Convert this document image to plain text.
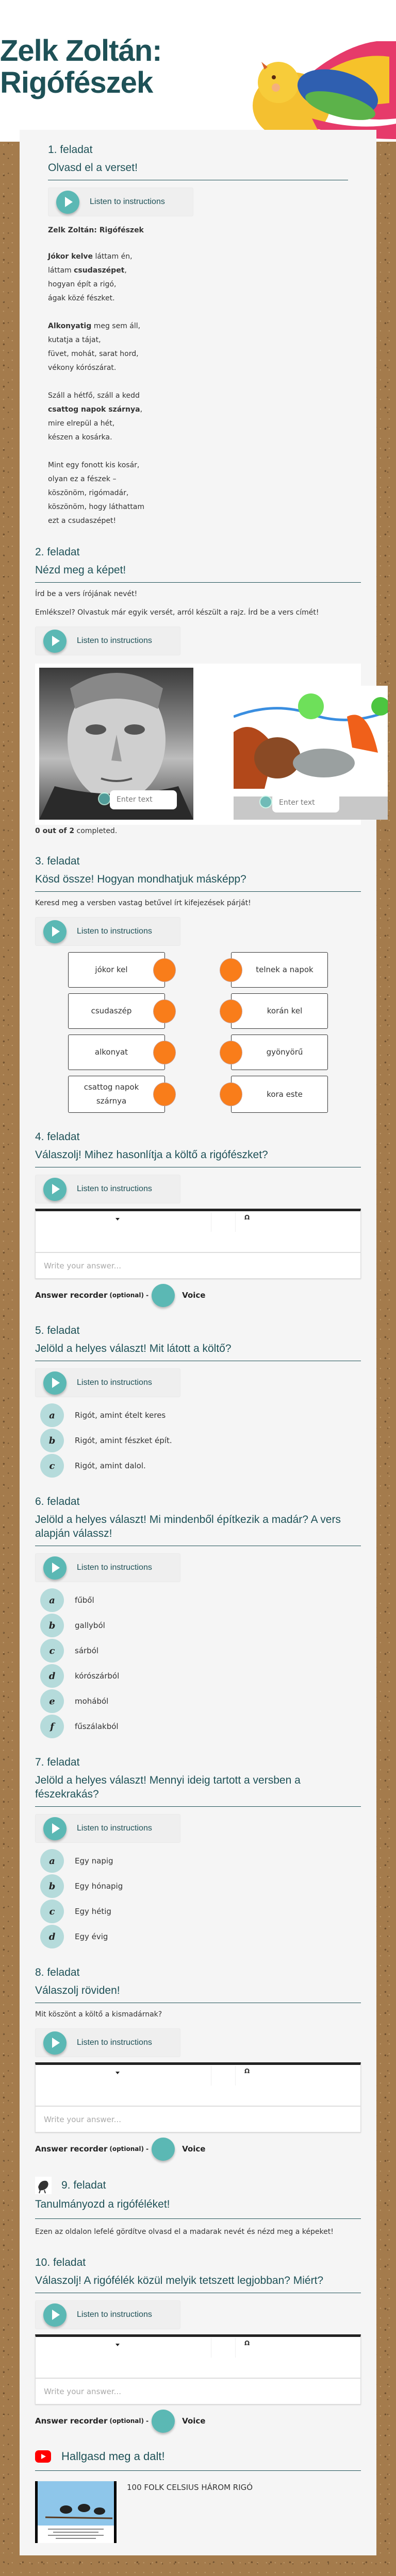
Zelk Zoltán:
Rigófészek
1. feladat
Olvasd el a verset!
Listen to instructions
Zelk Zoltán: Rigófészek
Jókor kelve láttam én,
láttam csudaszépet,
hogyan épít a rigó,
ágak közé fészket.
Alkonyatig meg sem áll,
kutatja a tájat,
füvet, mohát, sarat hord,
vékony kórószárat.
Száll a hétfő, száll a kedd
csattog napok szárnya,
mire elrepül a hét,
készen a kosárka.
Mint egy fonott kis kosár,
olyan ez a fészek –
köszönöm, rigómadár,
köszönöm, hogy láthattam
ezt a csudaszépet!
2. feladat
Nézd meg a képet!

Írd be a vers írójának nevét!

Emlékszel? Olvastuk már egyik versét, arról készült a rajz. Írd be a vers címét!

Listen to instructions
Enter text	Enter text

0 out of 2 completed.

3. feladat
Kösd össze! Hogyan mondhatjuk másképp?

Keresd meg a versben vastag betűvel írt kifejezések párját!

Listen to instructions
jókor kel
csudaszép
alkonyat
csattog napok szárnya
telnek a napok
korán kel
gyönyörű
kora este
4. feladat
Válaszolj! Mihez hasonlítja a költő a rigófészket?
Listen to instructions
Ω
Write your answer...
Answer recorder (optional) -	Voice
5. feladat
Jelöld a helyes választ! Mit látott a költő?
Listen to instructions
a	Rigót, amint ételt keres
b	Rigót, amint fészket épít.
c	Rigót, amint dalol.
6. feladat
Jelöld a helyes választ! Mi mindenből építkezik a madár? A vers alapján válassz!
Listen to instructions
a	fűből
b	gallyból
c	sárból
d	kórószárból
e	mohából
f	fűszálakból
7. feladat
Jelöld a helyes választ! Mennyi ideig tartott a versben a fészekrakás?
Listen to instructions
a	Egy napig
b	Egy hónapig
c	Egy hétig
d	Egy évig
8. feladat
Válaszolj röviden!

Mit köszönt a költő a kismadárnak?

Listen to instructions
Ω
Write your answer...
Answer recorder (optional) -	Voice
9. feladat
Tanulmányozd a rigóféléket!

Ezen az oldalon lefelé gördítve olvasd el a madarak nevét és nézd meg a képeket!

10. feladat
Válaszolj! A rigófélék közül melyik tetszett legjobban? Miért?
Listen to instructions
Ω
Write your answer...
Answer recorder (optional) -	Voice
Hallgasd meg a dalt!
100 FOLK CELSIUS HÁROM RIGÓ
